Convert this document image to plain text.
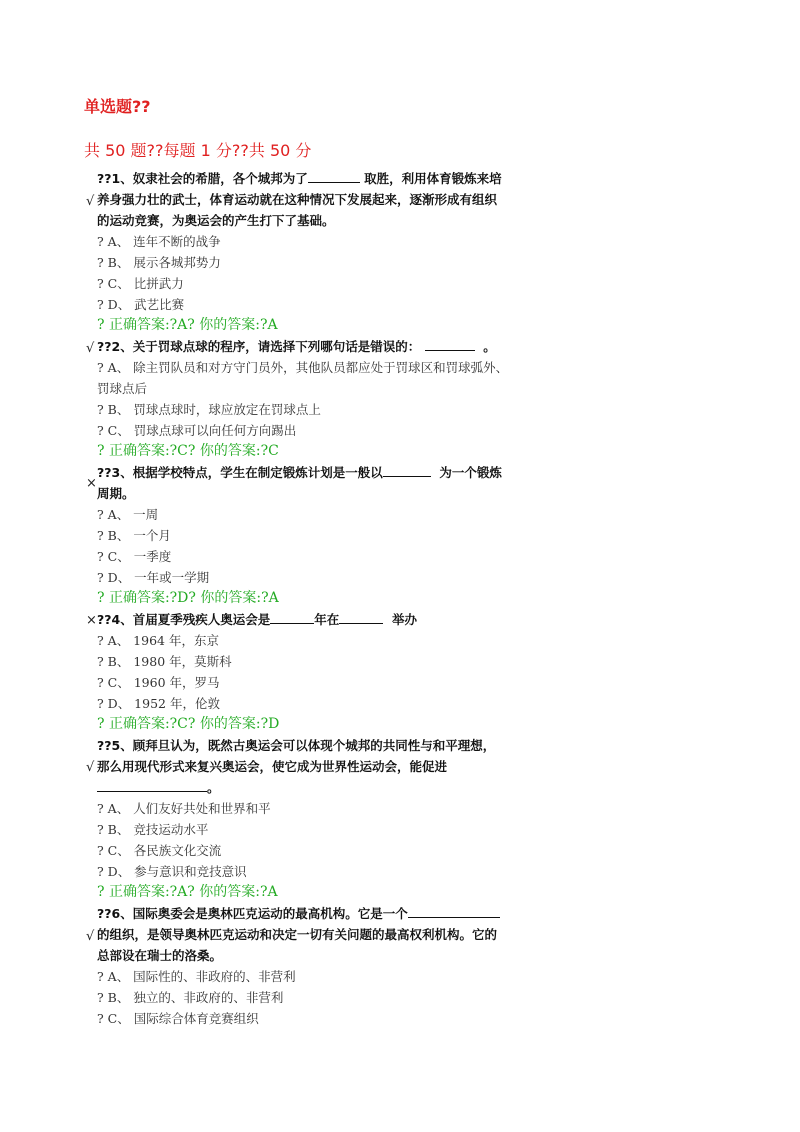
单选题??
共 50 题??每题 1 分??共 50 分
??1、奴隶社会的希腊，各个城邦为了	取胜，利用体育锻炼来培
√ 养身强力壮的武士，体育运动就在这种情况下发展起来，逐渐形成有组织
的运动竞赛，为奥运会的产生打下了基础。
? A、 连年不断的战争
? B、 展示各城邦势力
? C、 比拼武力
? D、 武艺比赛
? 正确答案:?A? 你的答案:?A
√ ??2、关于罚球点球的程序，请选择下列哪句话是错误的：	。
? A、 除主罚队员和对方守门员外，其他队员都应处于罚球区和罚球弧外、
罚球点后
? B、 罚球点球时，球应放定在罚球点上
? C、 罚球点球可以向任何方向踢出
? 正确答案:?C? 你的答案:?C
??3、根据学校特点，学生在制定锻炼计划是一般以	为一个锻炼
×
周期。
? A、 一周
? B、 一个月
? C、 一季度
? D、 一年或一学期
? 正确答案:?D? 你的答案:?A
× ??4、首届夏季残疾人奥运会是	年在	举办
? A、 1964 年，东京
? B、 1980 年，莫斯科
? C、 1960 年，罗马
? D、 1952 年，伦敦
? 正确答案:?C? 你的答案:?D
??5、顾拜旦认为，既然古奥运会可以体现个城邦的共同性与和平理想，
√ 那么用现代形式来复兴奥运会，使它成为世界性运动会，能促进
。
? A、 人们友好共处和世界和平
? B、 竞技运动水平
? C、 各民族文化交流
? D、 参与意识和竞技意识
? 正确答案:?A? 你的答案:?A
??6、国际奥委会是奥林匹克运动的最高机构。它是一个
√ 的组织，是领导奥林匹克运动和决定一切有关问题的最高权利机构。它的
总部设在瑞士的洛桑。
? A、 国际性的、非政府的、非营利
? B、 独立的、非政府的、非营利
? C、 国际综合体育竞赛组织
